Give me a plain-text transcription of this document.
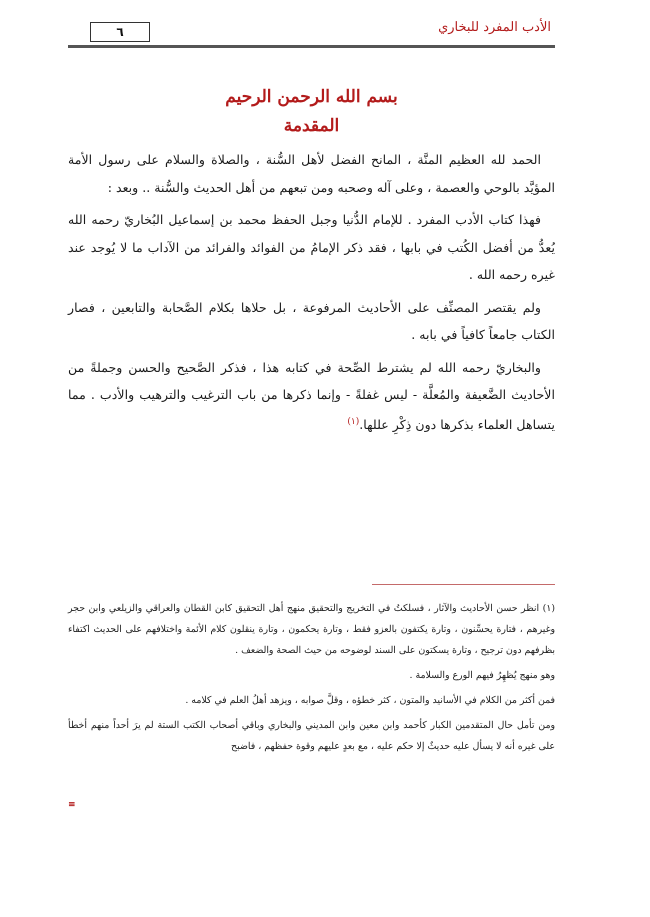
٦	الأدب المفرد للبخاري

بسم الله الرحمن الرحيم

المقدمة

الحمد لله العظيم المنَّة ، المانح الفضل لأهل السُّنة ، والصلاة والسلام على رسول الأمة المؤيَّد بالوحي والعصمة ، وعلى آله وصحبه ومن تبعهم من أهل الحديث والسُّنة .. وبعد :

فهذا كتاب الأدب المفرد . للإمام الدُّنيا وجبل الحفظ محمد بن إسماعيل البُخاريّ رحمه الله يُعدُّ من أفضل الكُتب في بابها ، فقد ذكر الإمامُ من الفوائد والفرائد من الآداب ما لا يُوجد عند غيره رحمه الله .

ولم يقتصر المصنِّف على الأحاديث المرفوعة ، بل حلاها بكلام الصَّحابة والتابعين ، فصار الكتاب جامعاً كافياً في بابه .

والبخاريّ رحمه الله لم يشترط الصِّحة في كتابه هذا ، فذكر الصَّحيح والحسن وجملةً من الأحاديث الضَّعيفة والمُعلَّة - ليس غفلةً - وإنما ذكرها من باب الترغيب والترهيب والأدب . مما يتساهل العلماء بذكرها دون ذِكْرِ عللها.$^{(١)}$

(١) انظر حسن الأحاديث والآثار ، فسلكتُ في التخريج والتحقيق منهج أهل التحقيق كابن القطان والعراقي والزيلعي وابن حجر وغيرهم ، فتارة يحسِّنون ، وتارة يكتفون بالعزو فقط ، وتارة يحكمون ، وتارة ينقلون كلام الأئمة واختلافهم على الحديث اكتفاء بظرفهم دون ترجيح ، وتارة يسكتون على السند لوضوحه من حيث الصحة والضعف .

وهو منهج يُظهِرُ فيهم الورع والسلامة .

فمن أكثر من الكلام في الأسانيد والمتون ، كثر خطؤه ، وقلَّ صوابه ، ويزهد أهلُ العلم في كلامه .

ومن تأمل حال المتقدمين الكبار كأحمد وابن معين وابن المديني والبخاري وباقي أصحاب الكتب الستة لم يرَ أحداً منهم أخطأ على غيره أنه لا يسأل عليه حديثٌ إلا حكم عليه ، مع بعدٍ عليهم وقوة حفظهم ، فاضبح

≡
